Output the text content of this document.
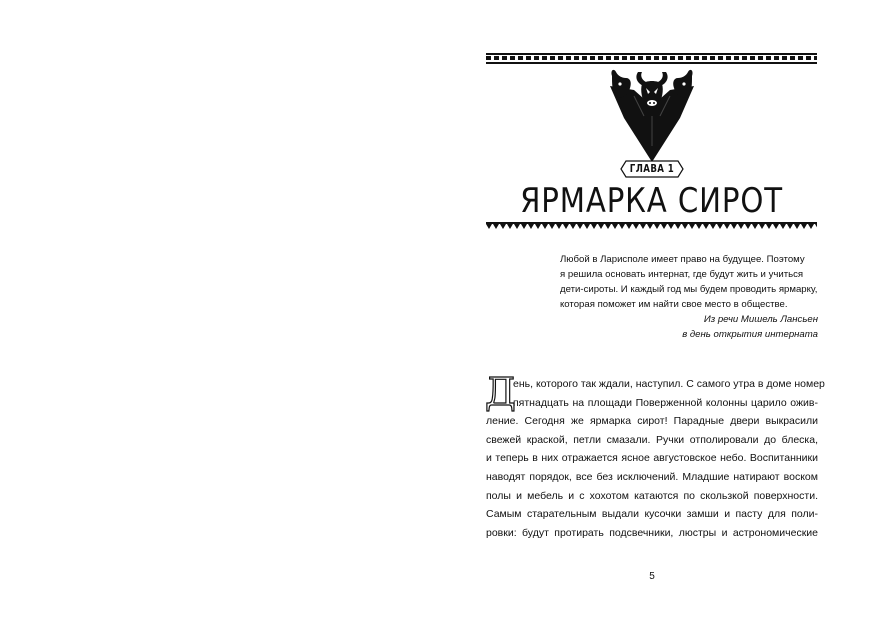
ГЛАВА 1
ЯРМАРКА СИРОТ
Любой в Ларисполе имеет право на будущее. Поэтому
я решила основать интернат, где будут жить и учиться
дети-сироты. И каждый год мы будем проводить ярмарку,
которая поможет им найти свое место в обществе.
Из речи Мишель Лансьен
в день открытия интерната
Д
ень, которого так ждали, наступил. С самого утра в доме номер
пятнадцать на площади Поверженной колонны царило ожив-
ление. Сегодня же ярмарка сирот! Парадные двери выкрасили
свежей краской, петли смазали. Ручки отполировали до блеска,
и теперь в них отражается ясное августовское небо. Воспитанники
наводят порядок, все без исключений. Младшие натирают воском
полы и мебель и с хохотом катаются по скользкой поверхности.
Самым старательным выдали кусочки замши и пасту для поли-
ровки: будут протирать подсвечники, люстры и астрономические
5
